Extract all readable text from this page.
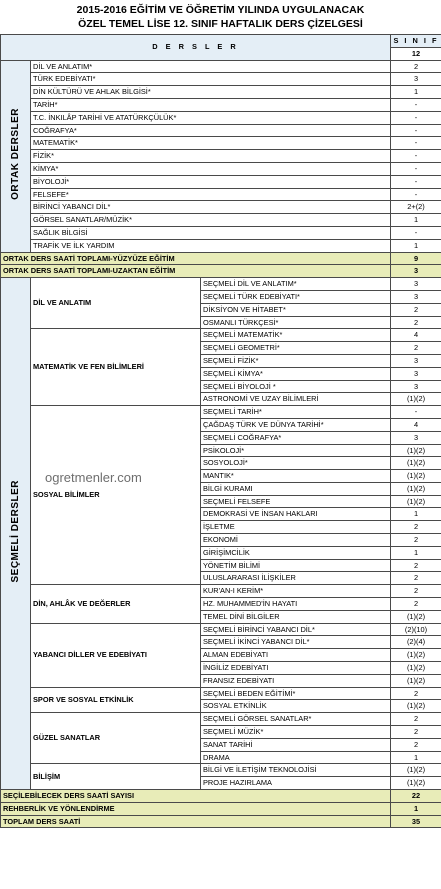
2015-2016 EĞİTİM VE ÖĞRETİM YILINDA UYGULANACAK
ÖZEL TEMEL LİSE 12. SINIF HAFTALIK DERS ÇİZELGESİ
D E R S L E R			S I N I F
			12
ORTAK DERSLER	DİL VE ANLATIM*		2
	TÜRK EDEBİYATI*		3
	DİN KÜLTÜRÜ VE AHLAK BİLGİSİ*		1
	TARİH*		-
	T.C. İNKILÂP TARİHİ VE ATATÜRKÇÜLÜK*		-
	COĞRAFYA*		-
	MATEMATİK*		-
	FİZİK*		-
	KİMYA*		-
	BİYOLOJİ*		-
	FELSEFE*		-
	BİRİNCİ YABANCI DİL*		2+(2)
	GÖRSEL SANATLAR/MÜZİK*		1
	SAĞLIK BİLGİSİ		-
	TRAFİK VE İLK YARDIM		1
ORTAK DERS SAATİ TOPLAMI-YÜZYÜZE EĞİTİM			9
ORTAK DERS SAATİ TOPLAMI-UZAKTAN EĞİTİM			3
SEÇMELİ DERSLER	DİL VE ANLATIM	SEÇMELİ DİL VE ANLATIM*	3
		SEÇMELİ TÜRK EDEBİYATI*	3
		DİKSİYON VE HİTABET*	2
		OSMANLI TÜRKÇESİ*	2
	MATEMATİK VE FEN BİLİMLERİ	SEÇMELİ MATEMATİK*	4
		SEÇMELİ GEOMETRİ*	2
		SEÇMELİ FİZİK*	3
		SEÇMELİ KİMYA*	3
		SEÇMELİ BİYOLOJİ *	3
		ASTRONOMİ VE UZAY BİLİMLERİ	(1)(2)
	SOSYAL BİLİMLER	SEÇMELİ TARİH*	-
		ÇAĞDAŞ TÜRK VE DÜNYA TARİHİ*	4
		SEÇMELİ COĞRAFYA*	3
		PSİKOLOJİ*	(1)(2)
		SOSYOLOJİ*	(1)(2)
		MANTIK*	(1)(2)
		BİLGİ KURAMI	(1)(2)
		SEÇMELİ FELSEFE	(1)(2)
		DEMOKRASİ VE İNSAN HAKLARI	1
		İŞLETME	2
		EKONOMİ	2
		GİRİŞİMCİLİK	1
		YÖNETİM BİLİMİ	2
		ULUSLARARASI İLİŞKİLER	2
	DİN, AHLÂK VE DEĞERLER	KUR'AN-I KERİM*	2
		HZ. MUHAMMED'İN HAYATI	2
		TEMEL DİNİ BİLGİLER	(1)(2)
	YABANCI DİLLER VE EDEBİYATI	SEÇMELİ BİRİNCİ YABANCI DİL*	(2)(10)
		SEÇMELİ İKİNCİ YABANCI DİL*	(2)(4)
		ALMAN EDEBİYATI	(1)(2)
		İNGİLİZ EDEBİYATI	(1)(2)
		FRANSIZ EDEBİYATI	(1)(2)
	SPOR VE SOSYAL ETKİNLİK	SEÇMELİ BEDEN EĞİTİMİ*	2
		SOSYAL ETKİNLİK	(1)(2)
	GÜZEL SANATLAR	SEÇMELİ GÖRSEL SANATLAR*	2
		SEÇMELİ MÜZİK*	2
		SANAT TARİHİ	2
		DRAMA	1
	BİLİŞİM	BİLGİ VE İLETİŞİM TEKNOLOJİSİ	(1)(2)
		PROJE HAZIRLAMA	(1)(2)
SEÇİLEBİLECEK DERS SAATİ SAYISI			22
REHBERLİK VE YÖNLENDİRME			1
TOPLAM DERS SAATİ			35
ogretmenler.com
